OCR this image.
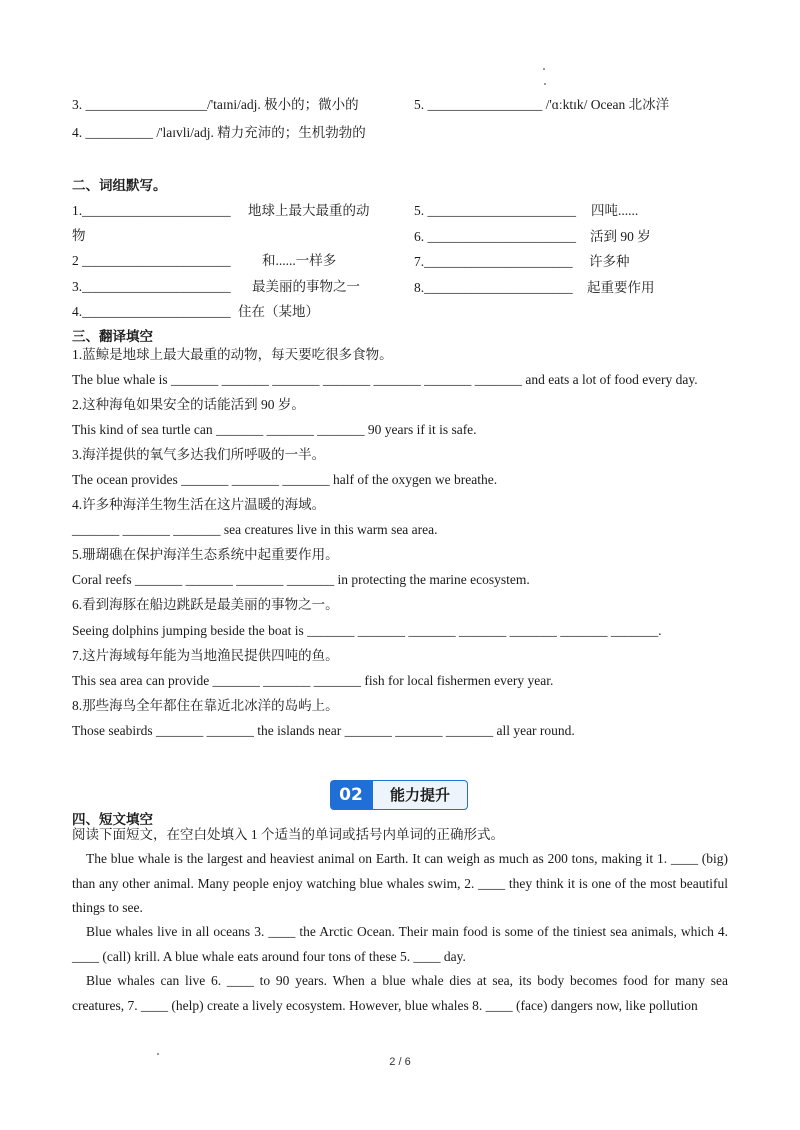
3. __________________/'taɪni/adj. 极小的；微小的	5. _________________ /'ɑːktɪk/ Ocean 北冰洋
4. __________ /'laɪvli/adj. 精力充沛的；生机勃勃的
二、词组默写。
1.______________________ 地球上最大最重的动
物
2 ______________________ 和......一样多
3.______________________ 最美丽的事物之一
4.______________________ 住在（某地）
5. ______________________ 四吨......
6. ______________________ 活到 90 岁
7.______________________ 许多种
8.______________________ 起重要作用
三、翻译填空
1.蓝鲸是地球上最大最重的动物，每天要吃很多食物。
The blue whale is _______ _______ _______ _______ _______ _______ _______ and eats a lot of food every day.
2.这种海龟如果安全的话能活到 90 岁。
This kind of sea turtle can _______ _______ _______ 90 years if it is safe.
3.海洋提供的氧气多达我们所呼吸的一半。
The ocean provides _______ _______ _______ half of the oxygen we breathe.
4.许多种海洋生物生活在这片温暖的海域。
_______ _______ _______ sea creatures live in this warm sea area.
5.珊瑚礁在保护海洋生态系统中起重要作用。
Coral reefs _______ _______ _______ _______ in protecting the marine ecosystem.
6.看到海豚在船边跳跃是最美丽的事物之一。
Seeing dolphins jumping beside the boat is _______ _______ _______ _______ _______ _______ _______.
7.这片海域每年能为当地渔民提供四吨的鱼。
This sea area can provide _______ _______ _______ fish for local fishermen every year.
8.那些海鸟全年都住在靠近北冰洋的岛屿上。
Those seabirds _______ _______ the islands near _______ _______ _______ all year round.
02	能力提升
四、短文填空
阅读下面短文，在空白处填入 1 个适当的单词或括号内单词的正确形式。
The blue whale is the largest and heaviest animal on Earth. It can weigh as much as 200 tons, making it 1. ____ (big) than any other animal. Many people enjoy watching blue whales swim, 2. ____ they think it is one of the most beautiful things to see.
Blue whales live in all oceans 3. ____ the Arctic Ocean. Their main food is some of the tiniest sea animals, which 4. ____ (call) krill. A blue whale eats around four tons of these 5. ____ day.
Blue whales can live 6. ____ to 90 years. When a blue whale dies at sea, its body becomes food for many sea creatures, 7. ____ (help) create a lively ecosystem. However, blue whales 8. ____ (face) dangers now, like pollution
2 / 6
